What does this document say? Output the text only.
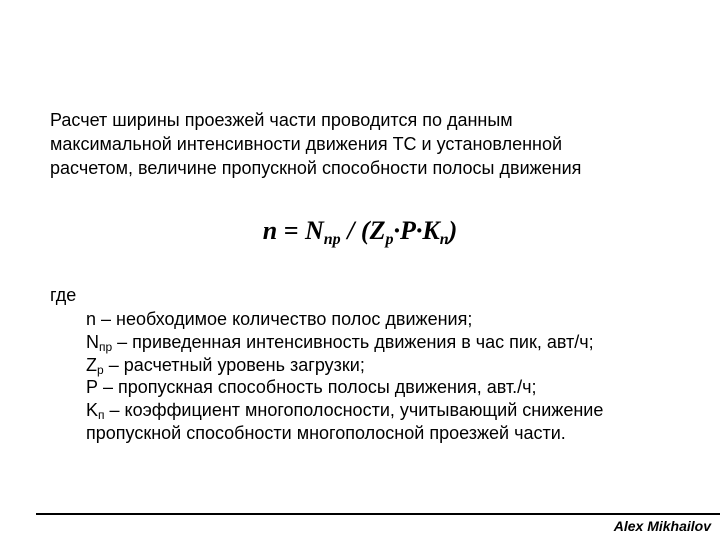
Расчет ширины проезжей части проводится по данным
максимальной интенсивности движения ТС и установленной
расчетом, величине пропускной способности полосы движения
$n = N_{пр} / (Z_p\cdot P\cdot K_n)$
где
n – необходимое количество полос движения;
Nпр – приведенная интенсивность движения в час пик, авт/ч;
Zр – расчетный уровень загрузки;
P – пропускная способность полосы движения, авт./ч;
Kп – коэффициент многополосности, учитывающий снижение
пропускной способности многополосной проезжей части.
Alex Mikhailov
